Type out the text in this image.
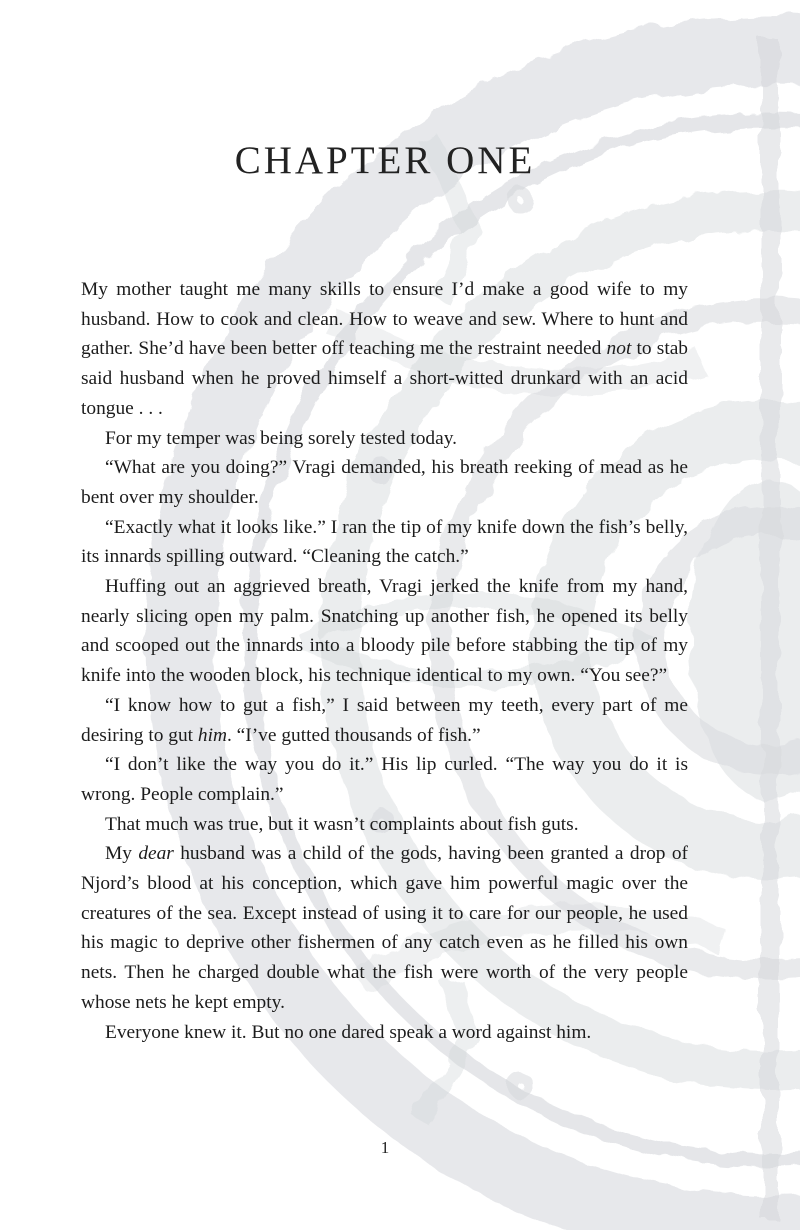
CHAPTER ONE

My mother taught me many skills to ensure I’d make a good wife to my husband. How to cook and clean. How to weave and sew. Where to hunt and gather. She’d have been better off teaching me the restraint needed not to stab said husband when he proved himself a short-witted drunkard with an acid tongue . . .

For my temper was being sorely tested today.

“What are you doing?” Vragi demanded, his breath reeking of mead as he bent over my shoulder.

“Exactly what it looks like.” I ran the tip of my knife down the fish’s belly, its innards spilling outward. “Cleaning the catch.”

Huffing out an aggrieved breath, Vragi jerked the knife from my hand, nearly slicing open my palm. Snatching up another fish, he opened its belly and scooped out the innards into a bloody pile before stabbing the tip of my knife into the wooden block, his technique identical to my own. “You see?”

“I know how to gut a fish,” I said between my teeth, every part of me desiring to gut him. “I’ve gutted thousands of fish.”

“I don’t like the way you do it.” His lip curled. “The way you do it is wrong. People complain.”

That much was true, but it wasn’t complaints about fish guts.

My dear husband was a child of the gods, having been granted a drop of Njord’s blood at his conception, which gave him powerful magic over the creatures of the sea. Except instead of using it to care for our people, he used his magic to deprive other fishermen of any catch even as he filled his own nets. Then he charged double what the fish were worth of the very people whose nets he kept empty.

Everyone knew it. But no one dared speak a word against him.

1
